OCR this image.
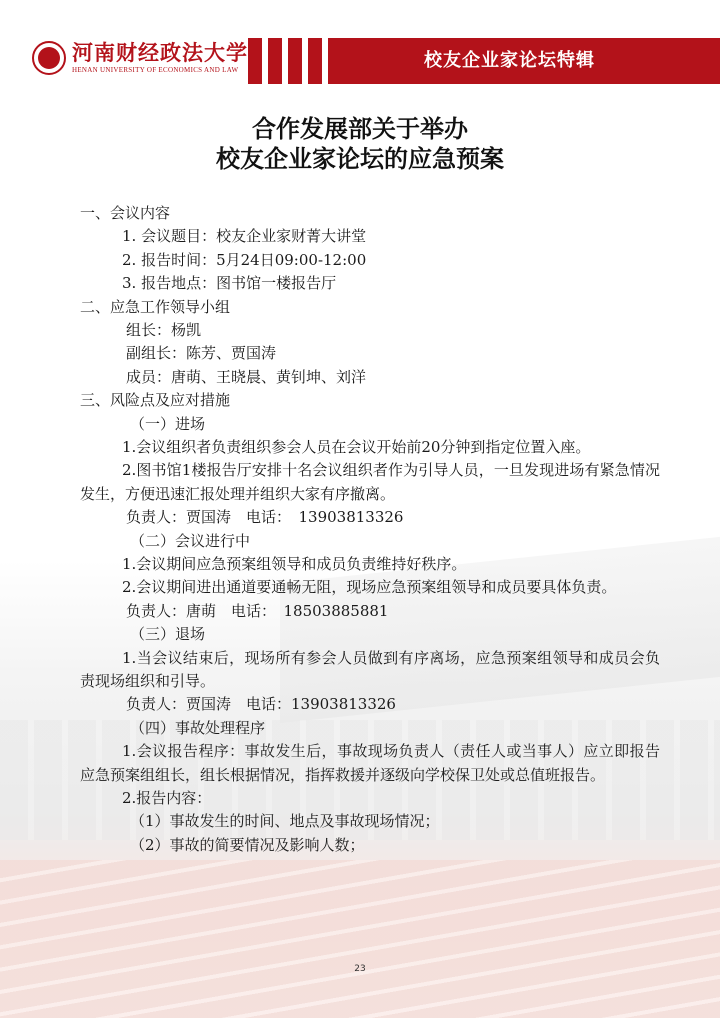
河南财经政法大学
HENAN UNIVERSITY OF ECONOMICS AND LAW	校友企业家论坛特辑
合作发展部关于举办
校友企业家论坛的应急预案
一、会议内容
1. 会议题目：校友企业家财菁大讲堂
2. 报告时间：5月24日09:00-12:00
3. 报告地点：图书馆一楼报告厅
二、应急工作领导小组
组长：杨凯
副组长：陈芳、贾国涛
成员：唐萌、王晓晨、黄钊坤、刘洋
三、风险点及应对措施
（一）进场

1.会议组织者负责组织参会人员在会议开始前20分钟到指定位置入座。

2.图书馆1楼报告厅安排十名会议组织者作为引导人员，一旦发现进场有紧急情况发生，方便迅速汇报处理并组织大家有序撤离。

负责人：贾国涛　电话：　13903813326
（二）会议进行中

1.会议期间应急预案组领导和成员负责维持好秩序。

2.会议期间进出通道要通畅无阻，现场应急预案组领导和成员要具体负责。

负责人：唐萌　电话：　18503885881
（三）退场

1.当会议结束后，现场所有参会人员做到有序离场，应急预案组领导和成员会负责现场组织和引导。

负责人：贾国涛　电话：13903813326
（四）事故处理程序

1.会议报告程序：事故发生后，事故现场负责人（责任人或当事人）应立即报告应急预案组组长，组长根据情况，指挥救援并逐级向学校保卫处或总值班报告。

2.报告内容：
（1）事故发生的时间、地点及事故现场情况；
（2）事故的简要情况及影响人数；
23
